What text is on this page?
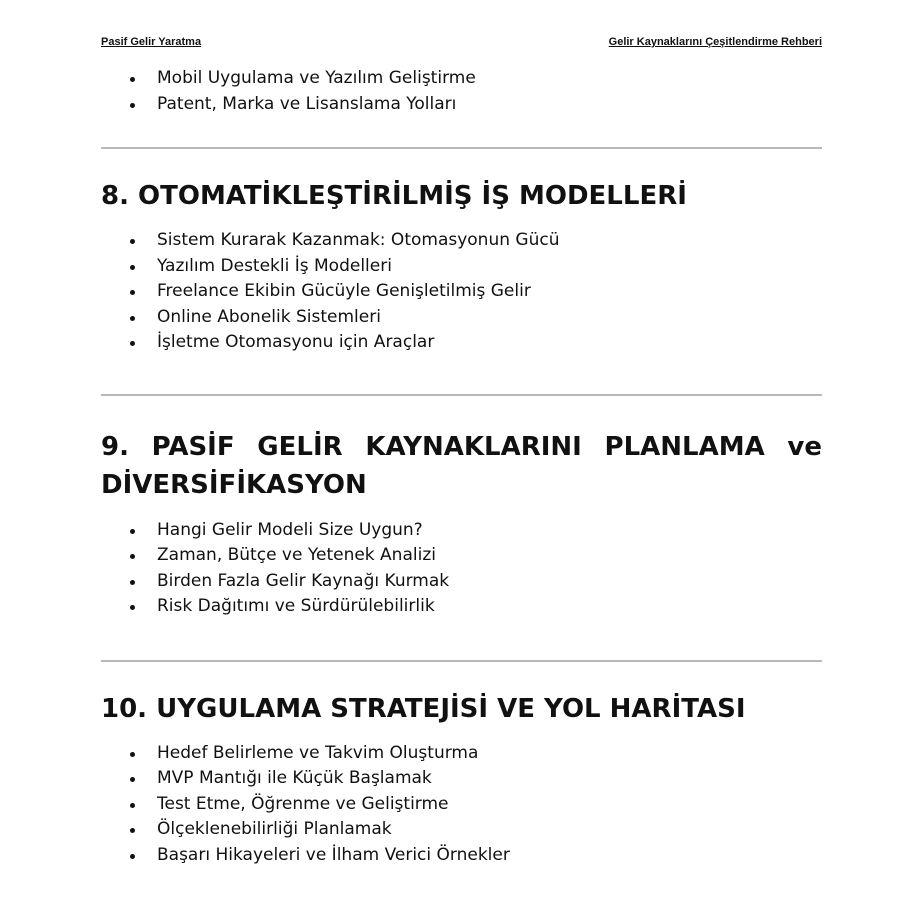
Pasif Gelir Yaratma	Gelir Kaynaklarını Çeşitlendirme Rehberi
Mobil Uygulama ve Yazılım Geliştirme
Patent, Marka ve Lisanslama Yolları
8. OTOMATİKLEŞTİRİLMİŞ İŞ MODELLERİ
Sistem Kurarak Kazanmak: Otomasyonun Gücü
Yazılım Destekli İş Modelleri
Freelance Ekibin Gücüyle Genişletilmiş Gelir
Online Abonelik Sistemleri
İşletme Otomasyonu için Araçlar
9. PASİF GELİR KAYNAKLARINI PLANLAMA ve DİVERSİFİKASYON
Hangi Gelir Modeli Size Uygun?
Zaman, Bütçe ve Yetenek Analizi
Birden Fazla Gelir Kaynağı Kurmak
Risk Dağıtımı ve Sürdürülebilirlik
10. UYGULAMA STRATEJİSİ VE YOL HARİTASI
Hedef Belirleme ve Takvim Oluşturma
MVP Mantığı ile Küçük Başlamak
Test Etme, Öğrenme ve Geliştirme
Ölçeklenebilirliği Planlamak
Başarı Hikayeleri ve İlham Verici Örnekler
